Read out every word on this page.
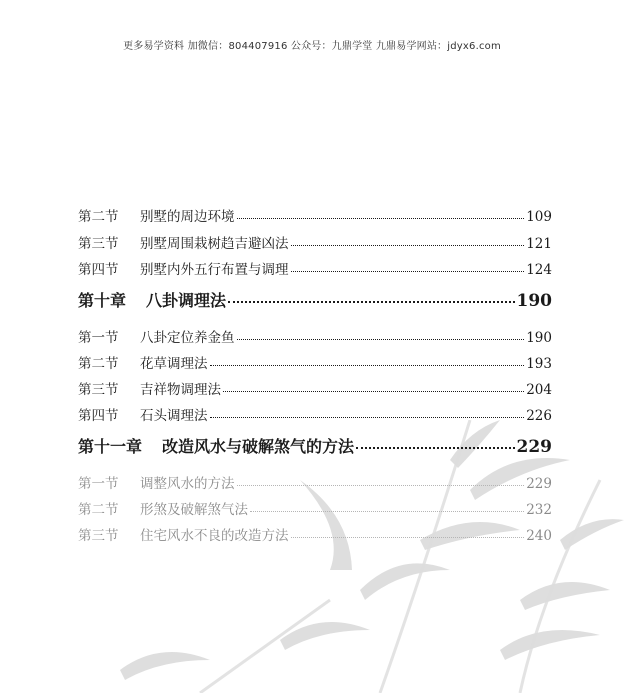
更多易学资料 加微信：804407916 公众号：九鼎学堂 九鼎易学网站：jdyx6.com
第二节	别墅的周边环境	109
第三节	别墅周围栽树趋吉避凶法	121
第四节	别墅内外五行布置与调理	124
第十章 八卦调理法	190
第一节	八卦定位养金鱼	190
第二节	花草调理法	193
第三节	吉祥物调理法	204
第四节	石头调理法	226
第十一章 改造风水与破解煞气的方法	229
第一节	调整风水的方法	229
第二节	形煞及破解煞气法	232
第三节	住宅风水不良的改造方法	240
